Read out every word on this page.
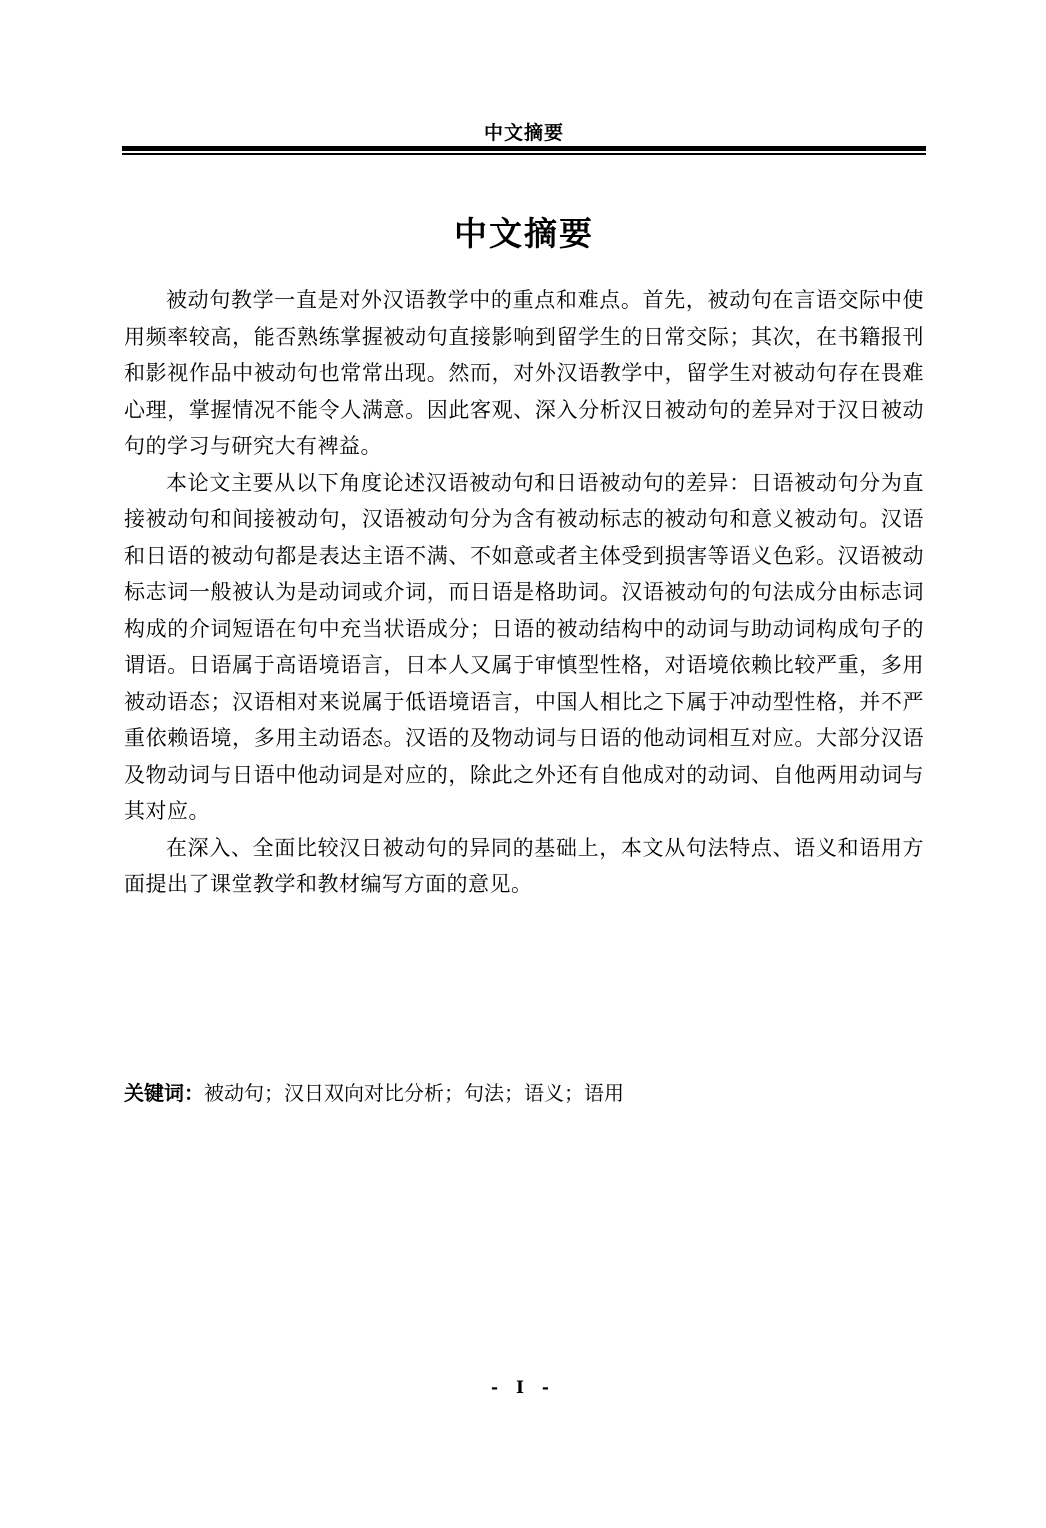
中文摘要
中文摘要

被动句教学一直是对外汉语教学中的重点和难点。首先，被动句在言语交际中使用频率较高，能否熟练掌握被动句直接影响到留学生的日常交际；其次，在书籍报刊和影视作品中被动句也常常出现。然而，对外汉语教学中，留学生对被动句存在畏难心理，掌握情况不能令人满意。因此客观、深入分析汉日被动句的差异对于汉日被动句的学习与研究大有裨益。

本论文主要从以下角度论述汉语被动句和日语被动句的差异：日语被动句分为直接被动句和间接被动句，汉语被动句分为含有被动标志的被动句和意义被动句。汉语和日语的被动句都是表达主语不满、不如意或者主体受到损害等语义色彩。汉语被动标志词一般被认为是动词或介词，而日语是格助词。汉语被动句的句法成分由标志词构成的介词短语在句中充当状语成分；日语的被动结构中的动词与助动词构成句子的谓语。日语属于高语境语言，日本人又属于审慎型性格，对语境依赖比较严重，多用被动语态；汉语相对来说属于低语境语言，中国人相比之下属于冲动型性格，并不严重依赖语境，多用主动语态。汉语的及物动词与日语的他动词相互对应。大部分汉语及物动词与日语中他动词是对应的，除此之外还有自他成对的动词、自他两用动词与其对应。

在深入、全面比较汉日被动句的异同的基础上，本文从句法特点、语义和语用方面提出了课堂教学和教材编写方面的意见。

关键词：被动句；汉日双向对比分析；句法；语义；语用
- I -
